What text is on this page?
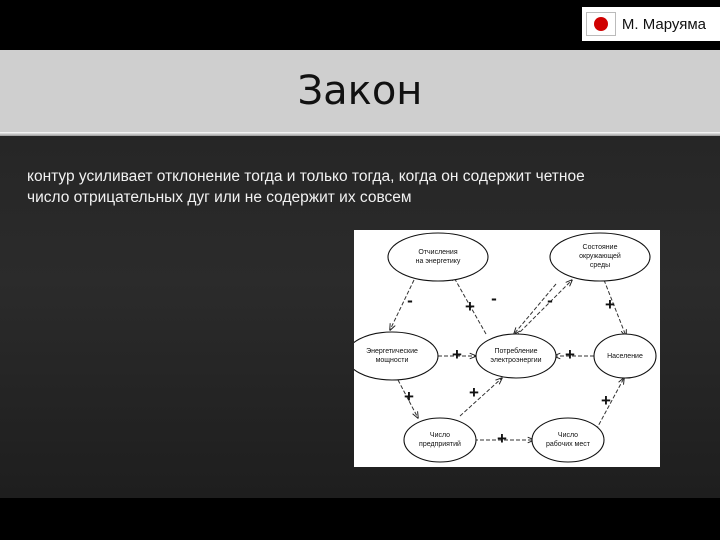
М. Маруяма
Закон
контур усиливает отклонение тогда и только тогда, когда он содержит четное
число отрицательных дуг или не содержит их совсем
Отчисления
на энергетику
Состояние
окружающей
среды
Энергетические
мощности
Потребление
электроэнергии
Население
Число
предприятий
Число
рабочих мест
-	+ -	-	+
+	+
+	+
+
+
